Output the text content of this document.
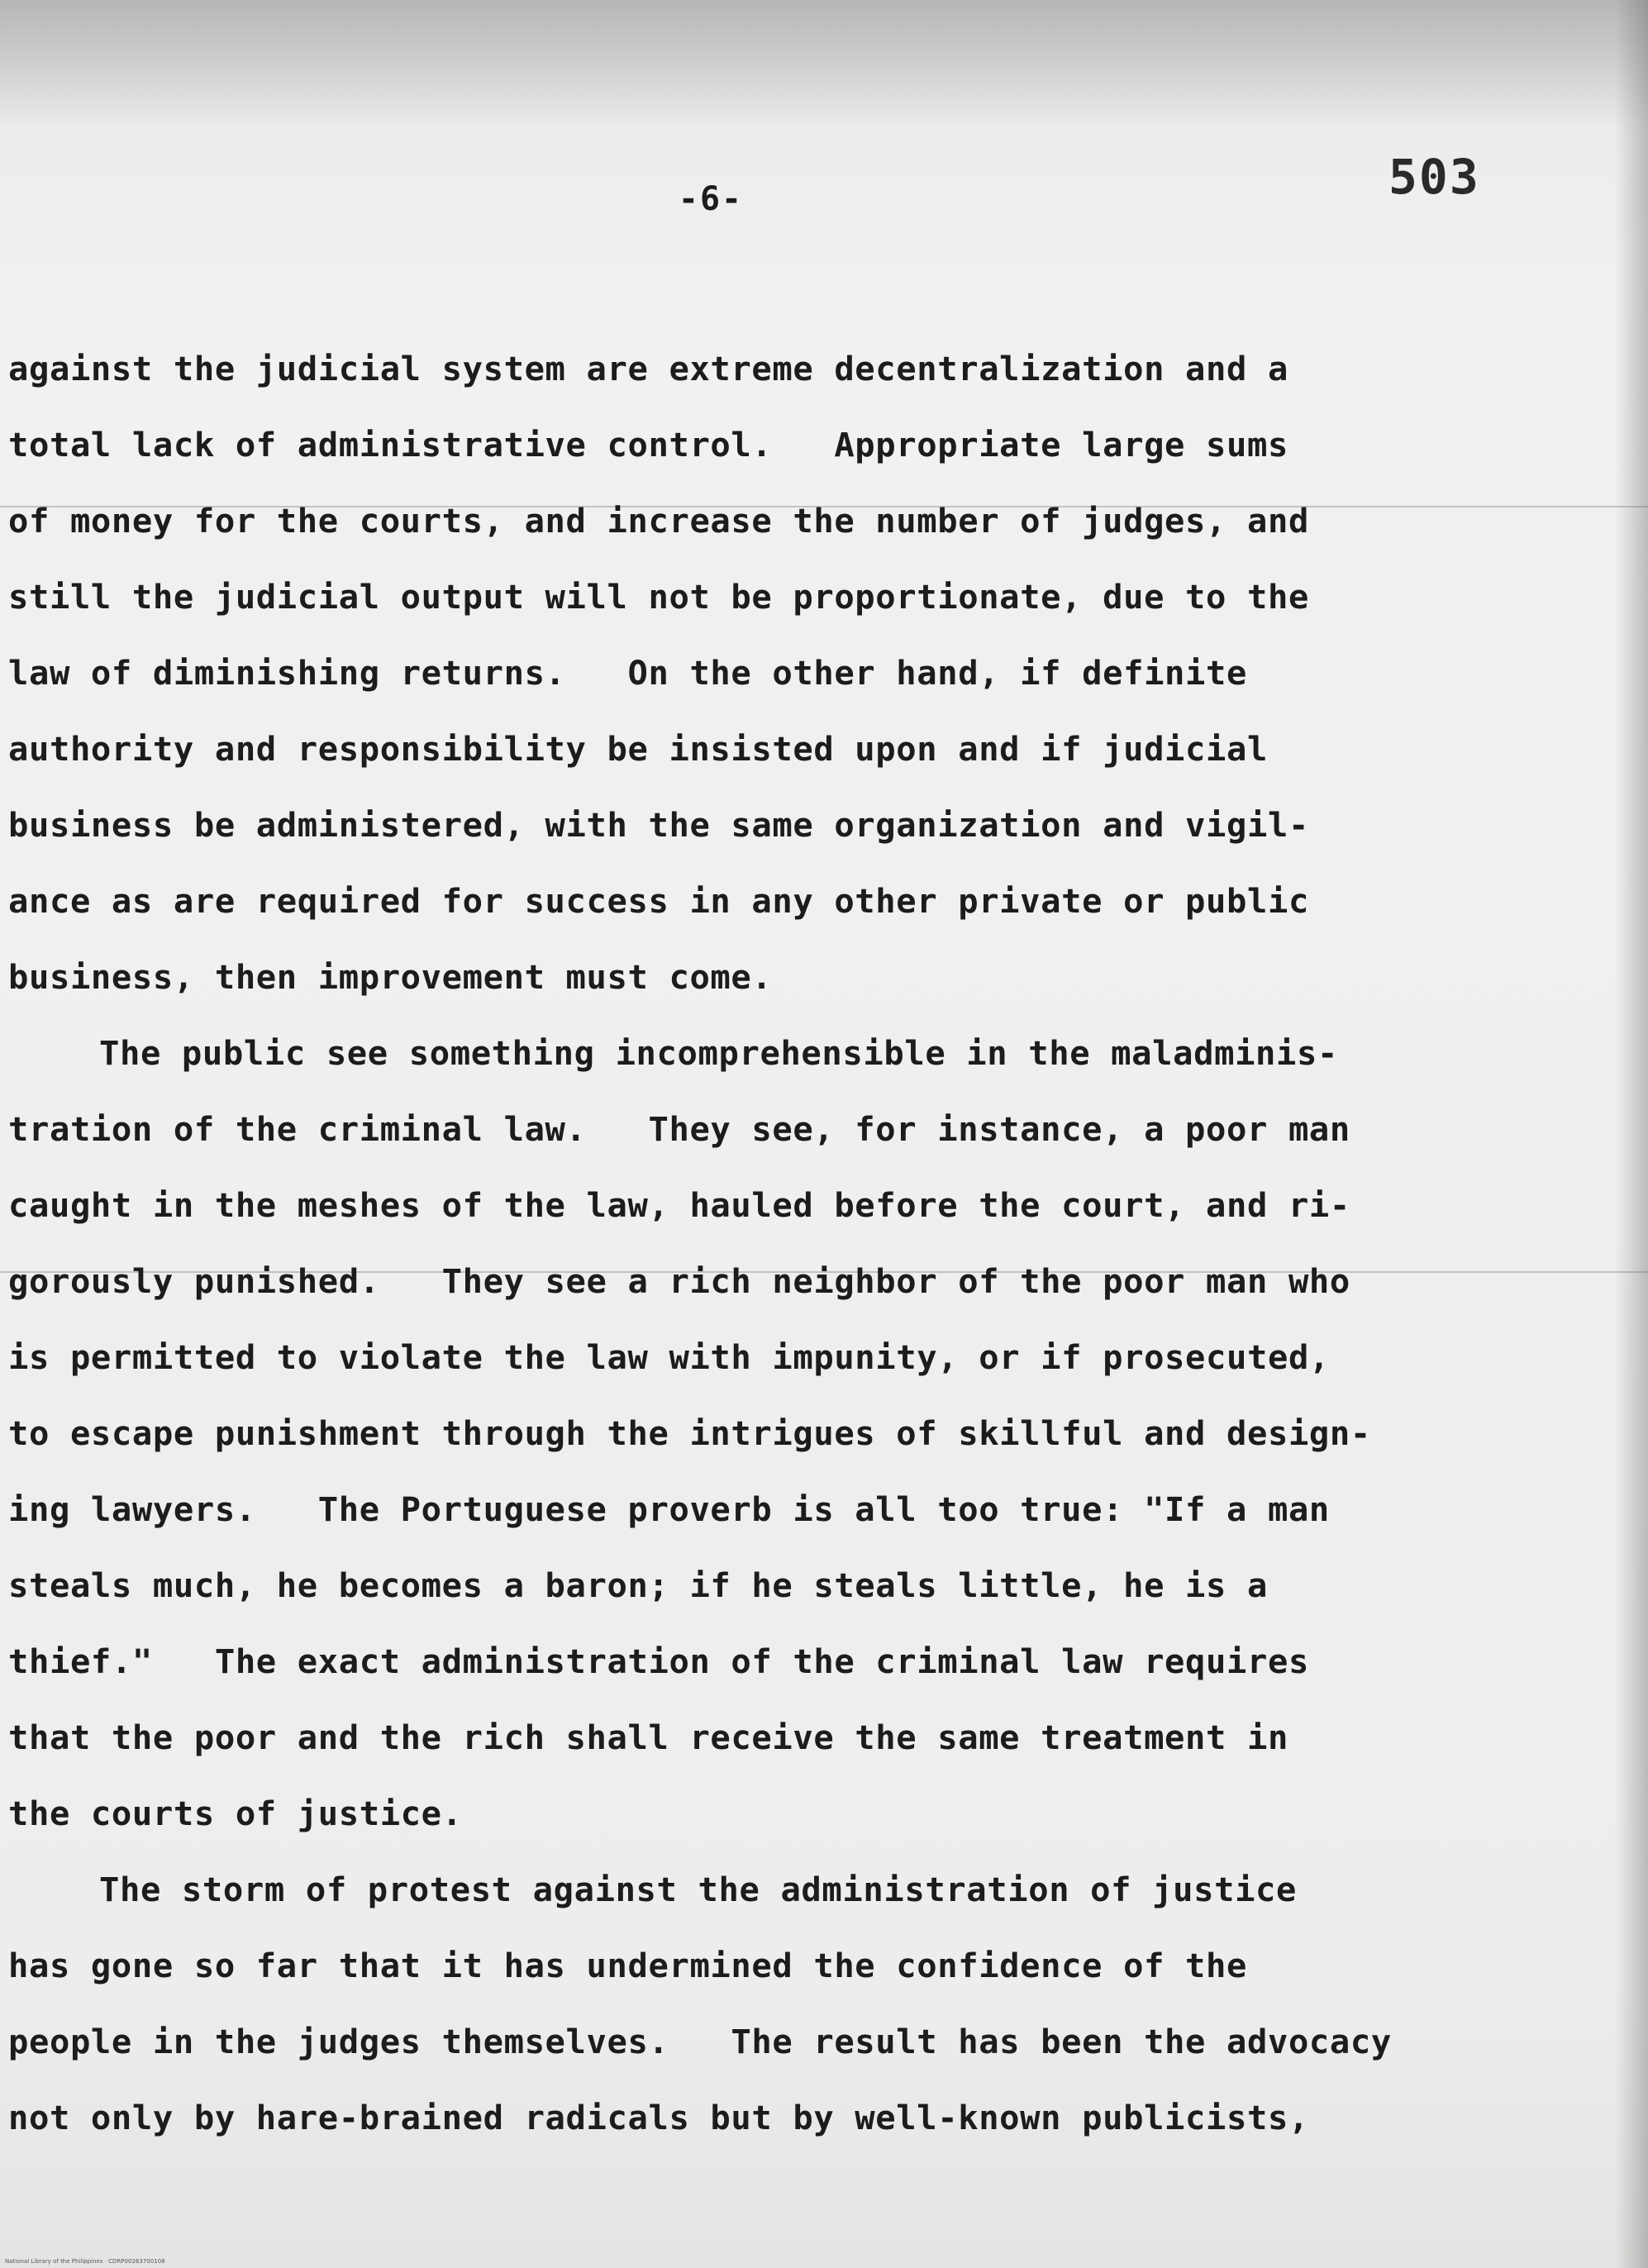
-6-	503
against the judicial system are extreme decentralization and a
total lack of administrative control.   Appropriate large sums
of money for the courts, and increase the number of judges, and
still the judicial output will not be proportionate, due to the
law of diminishing returns.   On the other hand, if definite
authority and responsibility be insisted upon and if judicial
business be administered, with the same organization and vigil-
ance as are required for success in any other private or public
business, then improvement must come.
The public see something incomprehensible in the maladminis-
tration of the criminal law.   They see, for instance, a poor man
caught in the meshes of the law, hauled before the court, and ri-
gorously punished.   They see a rich neighbor of the poor man who
is permitted to violate the law with impunity, or if prosecuted,
to escape punishment through the intrigues of skillful and design-
ing lawyers.   The Portuguese proverb is all too true: "If a man
steals much, he becomes a baron; if he steals little, he is a
thief."   The exact administration of the criminal law requires
that the poor and the rich shall receive the same treatment in
the courts of justice.
The storm of protest against the administration of justice
has gone so far that it has undermined the confidence of the
people in the judges themselves.   The result has been the advocacy
not only by hare-brained radicals but by well-known publicists,
National Library of the Philippines · CDRP00263700108
